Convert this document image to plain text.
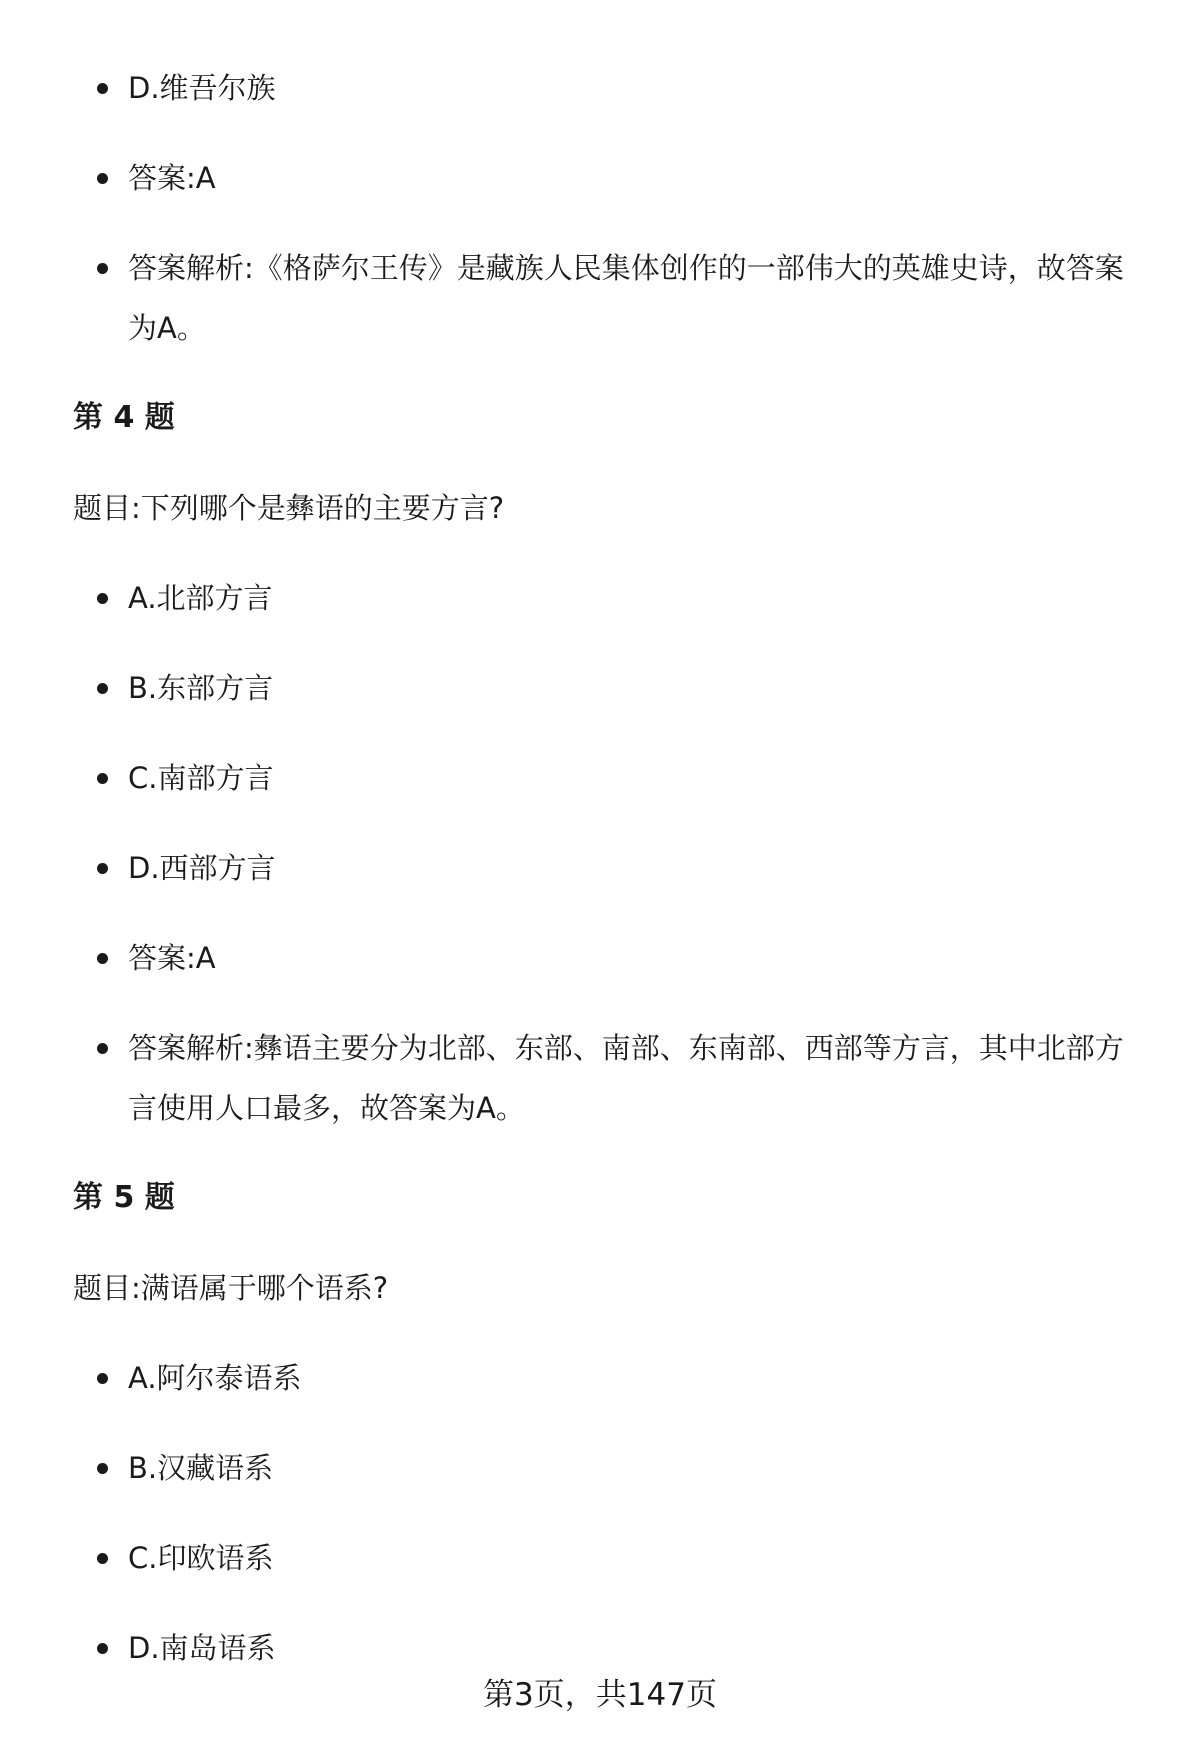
D.维吾尔族
答案:A
答案解析:《格萨尔王传》是藏族人民集体创作的一部伟大的英雄史诗，故答案
为A。
第 4 题
题目:下列哪个是彝语的主要方言?
A.北部方言
B.东部方言
C.南部方言
D.西部方言
答案:A
答案解析:彝语主要分为北部、东部、南部、东南部、西部等方言，其中北部方
言使用人口最多，故答案为A。
第 5 题
题目:满语属于哪个语系?
A.阿尔泰语系
B.汉藏语系
C.印欧语系
D.南岛语系
第3页，共147页
